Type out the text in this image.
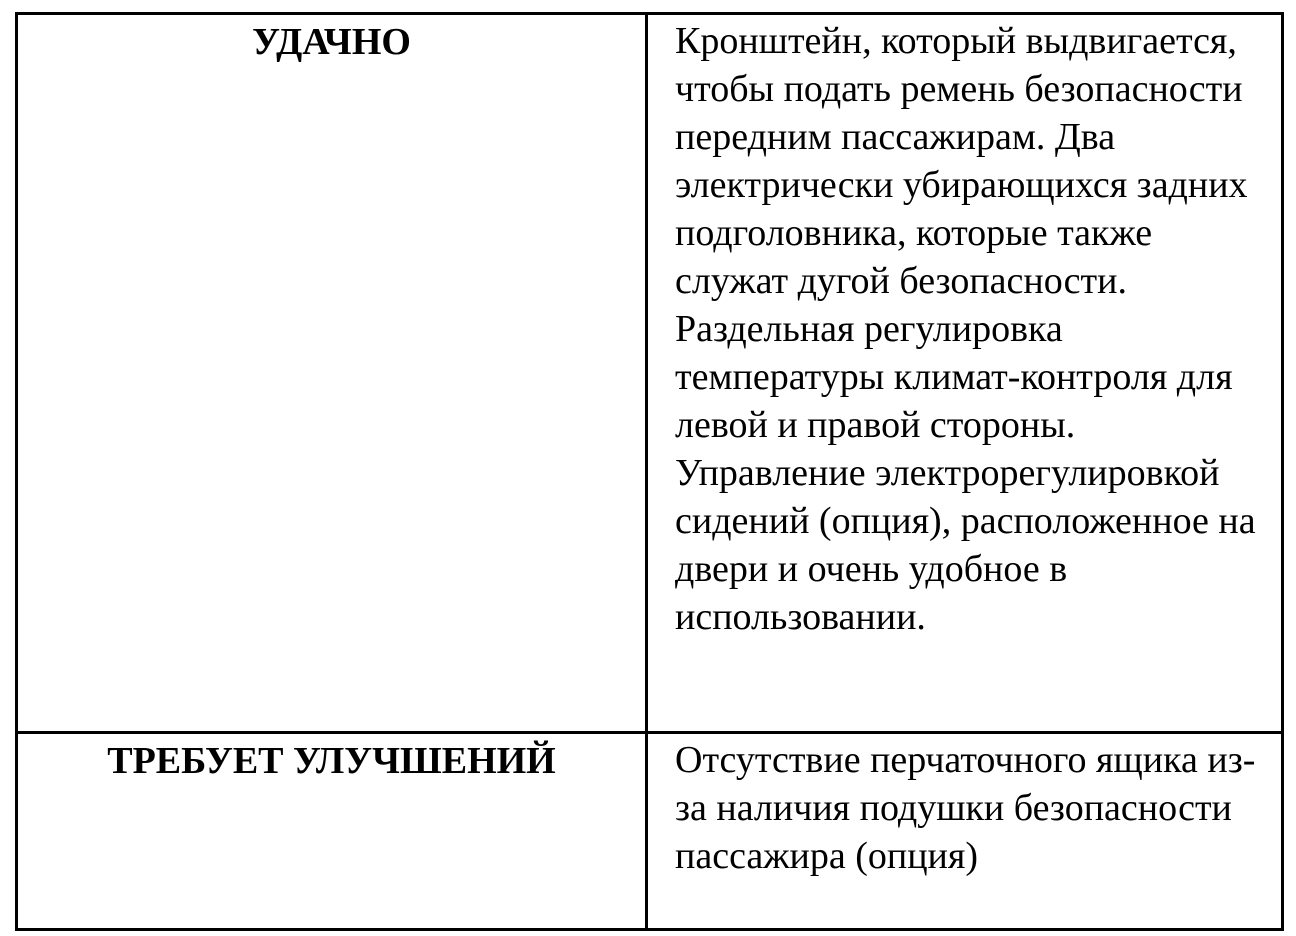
УДАЧНО	Кронштейн, который выдвигается, чтобы подать ремень безопасности передним пассажирам. Два электрически убирающихся задних подголовника, которые также служат дугой безопасности.

Раздельная регулировка температуры климат-контроля для левой и правой стороны.

Управление электрорегулировкой сидений (опция), расположенное на двери и очень удобное в использовании.

ТРЕБУЕТ УЛУЧШЕНИЙ	Отсутствие перчаточного ящика из-за наличия подушки безопасности пассажира (опция)
